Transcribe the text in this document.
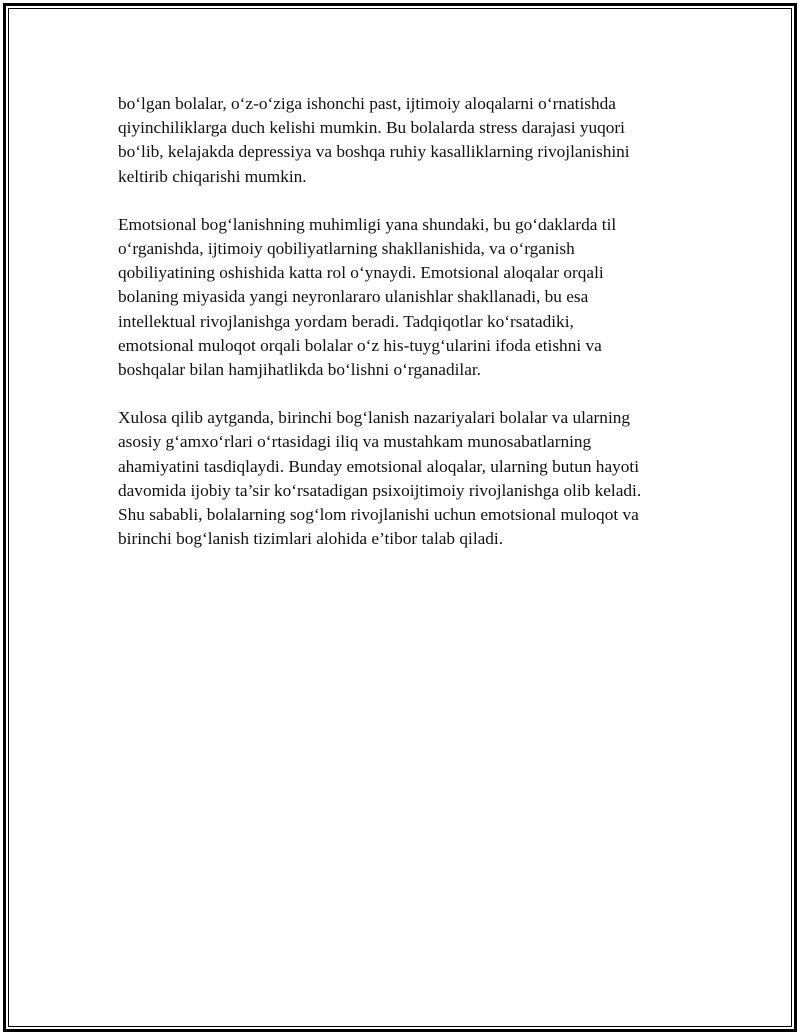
bo‘lgan bolalar, o‘z-o‘ziga ishonchi past, ijtimoiy aloqalarni o‘rnatishda
qiyinchiliklarga duch kelishi mumkin. Bu bolalarda stress darajasi yuqori
bo‘lib, kelajakda depressiya va boshqa ruhiy kasalliklarning rivojlanishini
keltirib chiqarishi mumkin.

Emotsional bog‘lanishning muhimligi yana shundaki, bu go‘daklarda til
o‘rganishda, ijtimoiy qobiliyatlarning shakllanishida, va o‘rganish
qobiliyatining oshishida katta rol o‘ynaydi. Emotsional aloqalar orqali
bolaning miyasida yangi neyronlararo ulanishlar shakllanadi, bu esa
intellektual rivojlanishga yordam beradi. Tadqiqotlar ko‘rsatadiki,
emotsional muloqot orqali bolalar o‘z his-tuyg‘ularini ifoda etishni va
boshqalar bilan hamjihatlikda bo‘lishni o‘rganadilar.

Xulosa qilib aytganda, birinchi bog‘lanish nazariyalari bolalar va ularning
asosiy g‘amxo‘rlari o‘rtasidagi iliq va mustahkam munosabatlarning
ahamiyatini tasdiqlaydi. Bunday emotsional aloqalar, ularning butun hayoti
davomida ijobiy ta’sir ko‘rsatadigan psixoijtimoiy rivojlanishga olib keladi.
Shu sababli, bolalarning sog‘lom rivojlanishi uchun emotsional muloqot va
birinchi bog‘lanish tizimlari alohida e’tibor talab qiladi.
